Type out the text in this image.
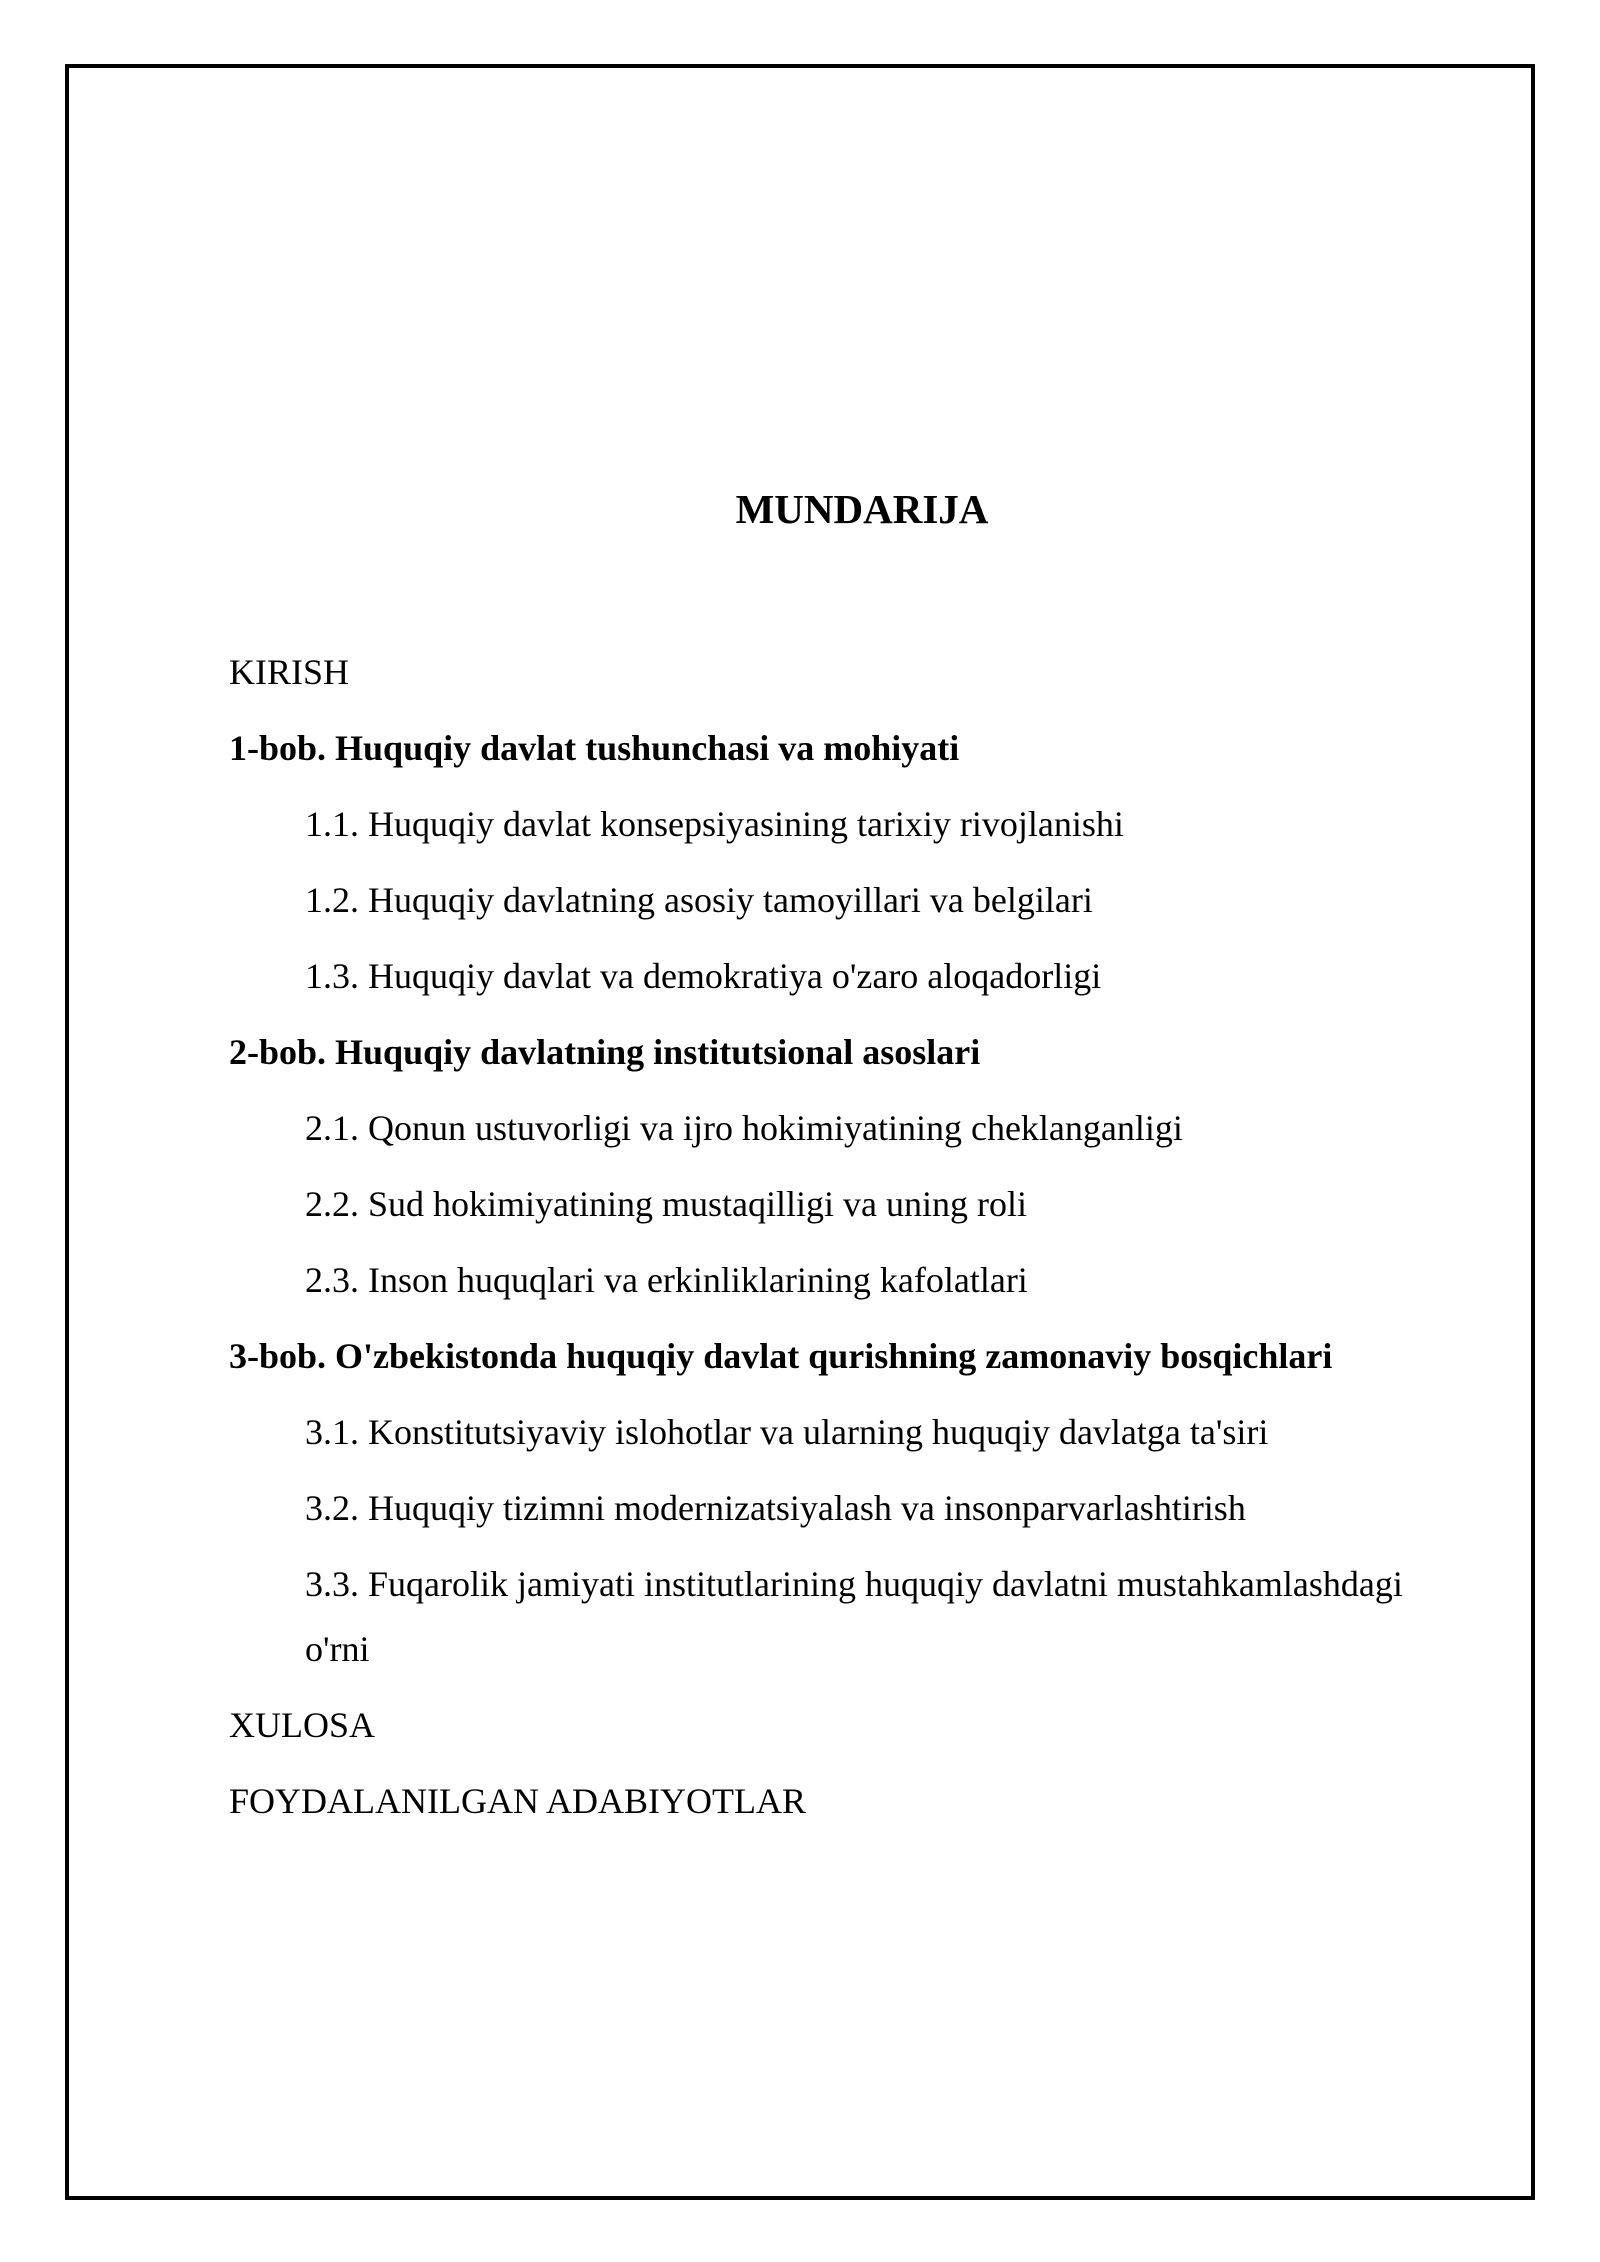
MUNDARIJA
KIRISH
1-bob. Huquqiy davlat tushunchasi va mohiyati
1.1. Huquqiy davlat konsepsiyasining tarixiy rivojlanishi
1.2. Huquqiy davlatning asosiy tamoyillari va belgilari
1.3. Huquqiy davlat va demokratiya o'zaro aloqadorligi
2-bob. Huquqiy davlatning institutsional asoslari
2.1. Qonun ustuvorligi va ijro hokimiyatining cheklanganligi
2.2. Sud hokimiyatining mustaqilligi va uning roli
2.3. Inson huquqlari va erkinliklarining kafolatlari
3-bob. O'zbekistonda huquqiy davlat qurishning zamonaviy bosqichlari
3.1. Konstitutsiyaviy islohotlar va ularning huquqiy davlatga ta'siri
3.2. Huquqiy tizimni modernizatsiyalash va insonparvarlashtirish
3.3. Fuqarolik jamiyati institutlarining huquqiy davlatni mustahkamlashdagi o'rni
XULOSA
FOYDALANILGAN ADABIYOTLAR
